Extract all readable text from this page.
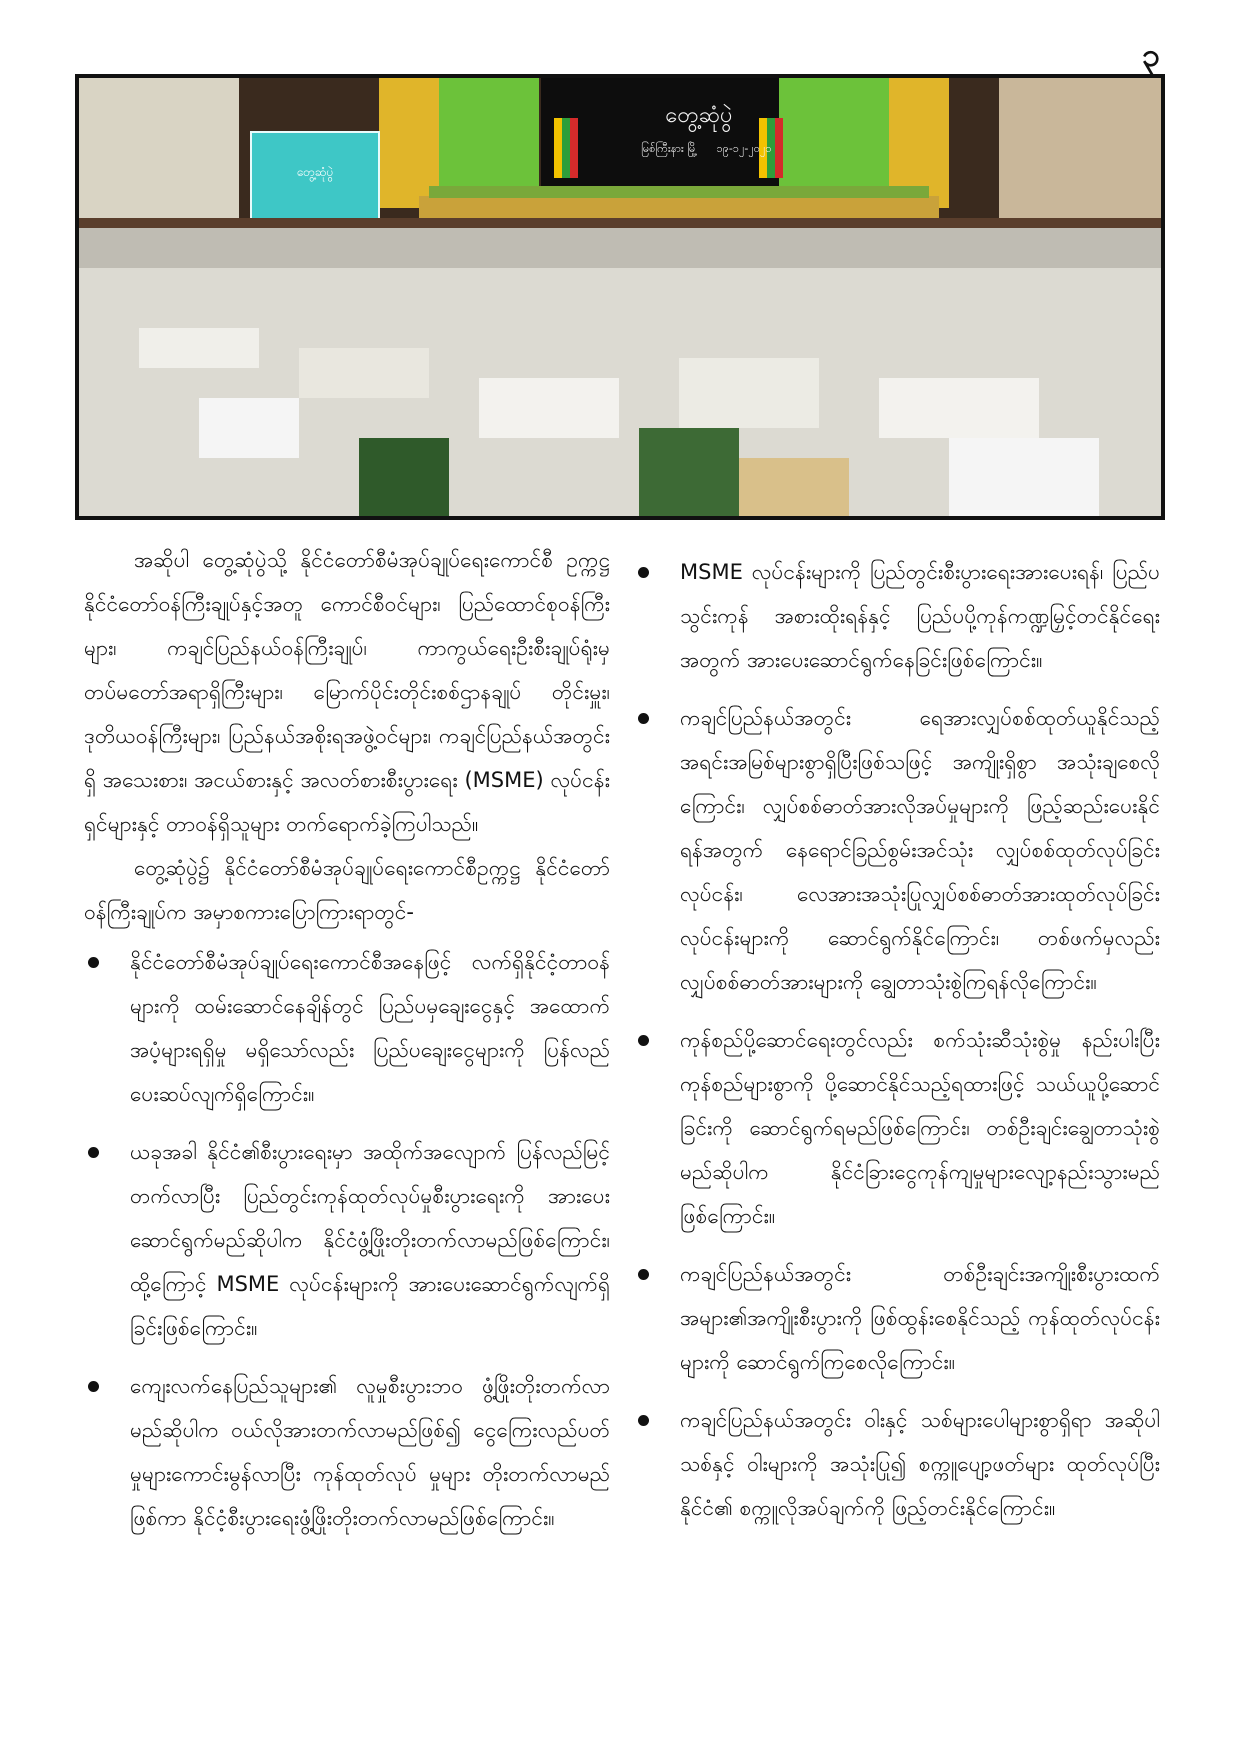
၃
တွေ့ဆုံပွဲ
မြစ်ကြီးနား မြို့ ၁၉-၁၂-၂၀၂၁
တွေ့ဆုံပွဲ

အဆိုပါ တွေ့ဆုံပွဲသို့ နိုင်ငံတော်စီမံအုပ်ချုပ်ရေးကောင်စီ ဥက္ကဋ္ဌ နိုင်ငံတော်ဝန်ကြီးချုပ်နှင့်အတူ ကောင်စီဝင်များ၊ ပြည်ထောင်စုဝန်ကြီးများ၊ ကချင်ပြည်နယ်ဝန်ကြီးချုပ်၊ ကာကွယ်ရေးဦးစီးချုပ်ရုံးမှ တပ်မတော်အရာရှိကြီးများ၊ မြောက်ပိုင်းတိုင်းစစ်ဌာနချုပ် တိုင်းမှူး၊ ဒုတိယဝန်ကြီးများ၊ ပြည်နယ်အစိုးရအဖွဲ့ဝင်များ၊ ကချင်ပြည်နယ်အတွင်းရှိ အသေးစား၊ အငယ်စားနှင့် အလတ်စားစီးပွားရေး (MSME) လုပ်ငန်းရှင်များနှင့် တာဝန်ရှိသူများ တက်ရောက်ခဲ့ကြပါသည်။

တွေ့ဆုံပွဲ၌ နိုင်ငံတော်စီမံအုပ်ချုပ်ရေးကောင်စီဥက္ကဋ္ဌ နိုင်ငံတော်ဝန်ကြီးချုပ်က အမှာစကားပြောကြားရာတွင်-

နိုင်ငံတော်စီမံအုပ်ချုပ်ရေးကောင်စီအနေဖြင့် လက်ရှိနိုင်ငံ့တာဝန်များကို ထမ်းဆောင်နေချိန်တွင် ပြည်ပမှချေးငွေနှင့် အထောက်အပံ့များရရှိမှု မရှိသော်လည်း ပြည်ပချေးငွေများကို ပြန်လည်ပေးဆပ်လျက်ရှိကြောင်း။
ယခုအခါ နိုင်ငံ၏စီးပွားရေးမှာ အထိုက်အလျောက် ပြန်လည်မြင့်တက်လာပြီး ပြည်တွင်းကုန်ထုတ်လုပ်မှုစီးပွားရေးကို အားပေးဆောင်ရွက်မည်ဆိုပါက နိုင်ငံဖွံ့ဖြိုးတိုးတက်လာမည်ဖြစ်ကြောင်း၊ ထို့ကြောင့် MSME လုပ်ငန်းများကို အားပေးဆောင်ရွက်လျက်ရှိခြင်းဖြစ်ကြောင်း။
ကျေးလက်နေပြည်သူများ၏ လူမှုစီးပွားဘဝ ဖွံ့ဖြိုးတိုးတက်လာမည်ဆိုပါက ဝယ်လိုအားတက်လာမည်ဖြစ်၍ ငွေကြေးလည်ပတ်မှုများကောင်းမွန်လာပြီး ကုန်ထုတ်လုပ် မှုများ တိုးတက်လာမည်ဖြစ်ကာ နိုင်ငံ့စီးပွားရေးဖွံ့ဖြိုးတိုးတက်လာမည်ဖြစ်ကြောင်း။
MSME လုပ်ငန်းများကို ပြည်တွင်းစီးပွားရေးအားပေးရန်၊ ပြည်ပသွင်းကုန် အစားထိုးရန်နှင့် ပြည်ပပို့ကုန်ကဏ္ဍမြှင့်တင်နိုင်ရေးအတွက် အားပေးဆောင်ရွက်နေခြင်းဖြစ်ကြောင်း။
ကချင်ပြည်နယ်အတွင်း ရေအားလျှပ်စစ်ထုတ်ယူနိုင်သည့် အရင်းအမြစ်များစွာရှိပြီးဖြစ်သဖြင့် အကျိုးရှိစွာ အသုံးချစေလိုကြောင်း၊ လျှပ်စစ်ဓာတ်အားလိုအပ်မှုများကို ဖြည့်ဆည်းပေးနိုင်ရန်အတွက် နေရောင်ခြည်စွမ်းအင်သုံး လျှပ်စစ်ထုတ်လုပ်ခြင်းလုပ်ငန်း၊ လေအားအသုံးပြုလျှပ်စစ်ဓာတ်အားထုတ်လုပ်ခြင်းလုပ်ငန်းများကို ဆောင်ရွက်နိုင်ကြောင်း၊ တစ်ဖက်မှလည်း လျှပ်စစ်ဓာတ်အားများကို ချွေတာသုံးစွဲကြရန်လိုကြောင်း။
ကုန်စည်ပို့ဆောင်ရေးတွင်လည်း စက်သုံးဆီသုံးစွဲမှု နည်းပါးပြီး ကုန်စည်များစွာကို ပို့ဆောင်နိုင်သည့်ရထားဖြင့် သယ်ယူပို့ဆောင်ခြင်းကို ဆောင်ရွက်ရမည်ဖြစ်ကြောင်း၊ တစ်ဦးချင်းချွေတာသုံးစွဲမည်ဆိုပါက နိုင်ငံခြားငွေကုန်ကျမှုများလျော့နည်းသွားမည် ဖြစ်ကြောင်း။
ကချင်ပြည်နယ်အတွင်း တစ်ဦးချင်းအကျိုးစီးပွားထက် အများ၏အကျိုးစီးပွားကို ဖြစ်ထွန်းစေနိုင်သည့် ကုန်ထုတ်လုပ်ငန်းများကို ဆောင်ရွက်ကြစေလိုကြောင်း။
ကချင်ပြည်နယ်အတွင်း ဝါးနှင့် သစ်များပေါများစွာရှိရာ အဆိုပါ သစ်နှင့် ဝါးများကို အသုံးပြု၍ စက္ကူပျော့ဖတ်များ ထုတ်လုပ်ပြီး နိုင်ငံ၏ စက္ကူလိုအပ်ချက်ကို ဖြည့်တင်းနိုင်ကြောင်း။
